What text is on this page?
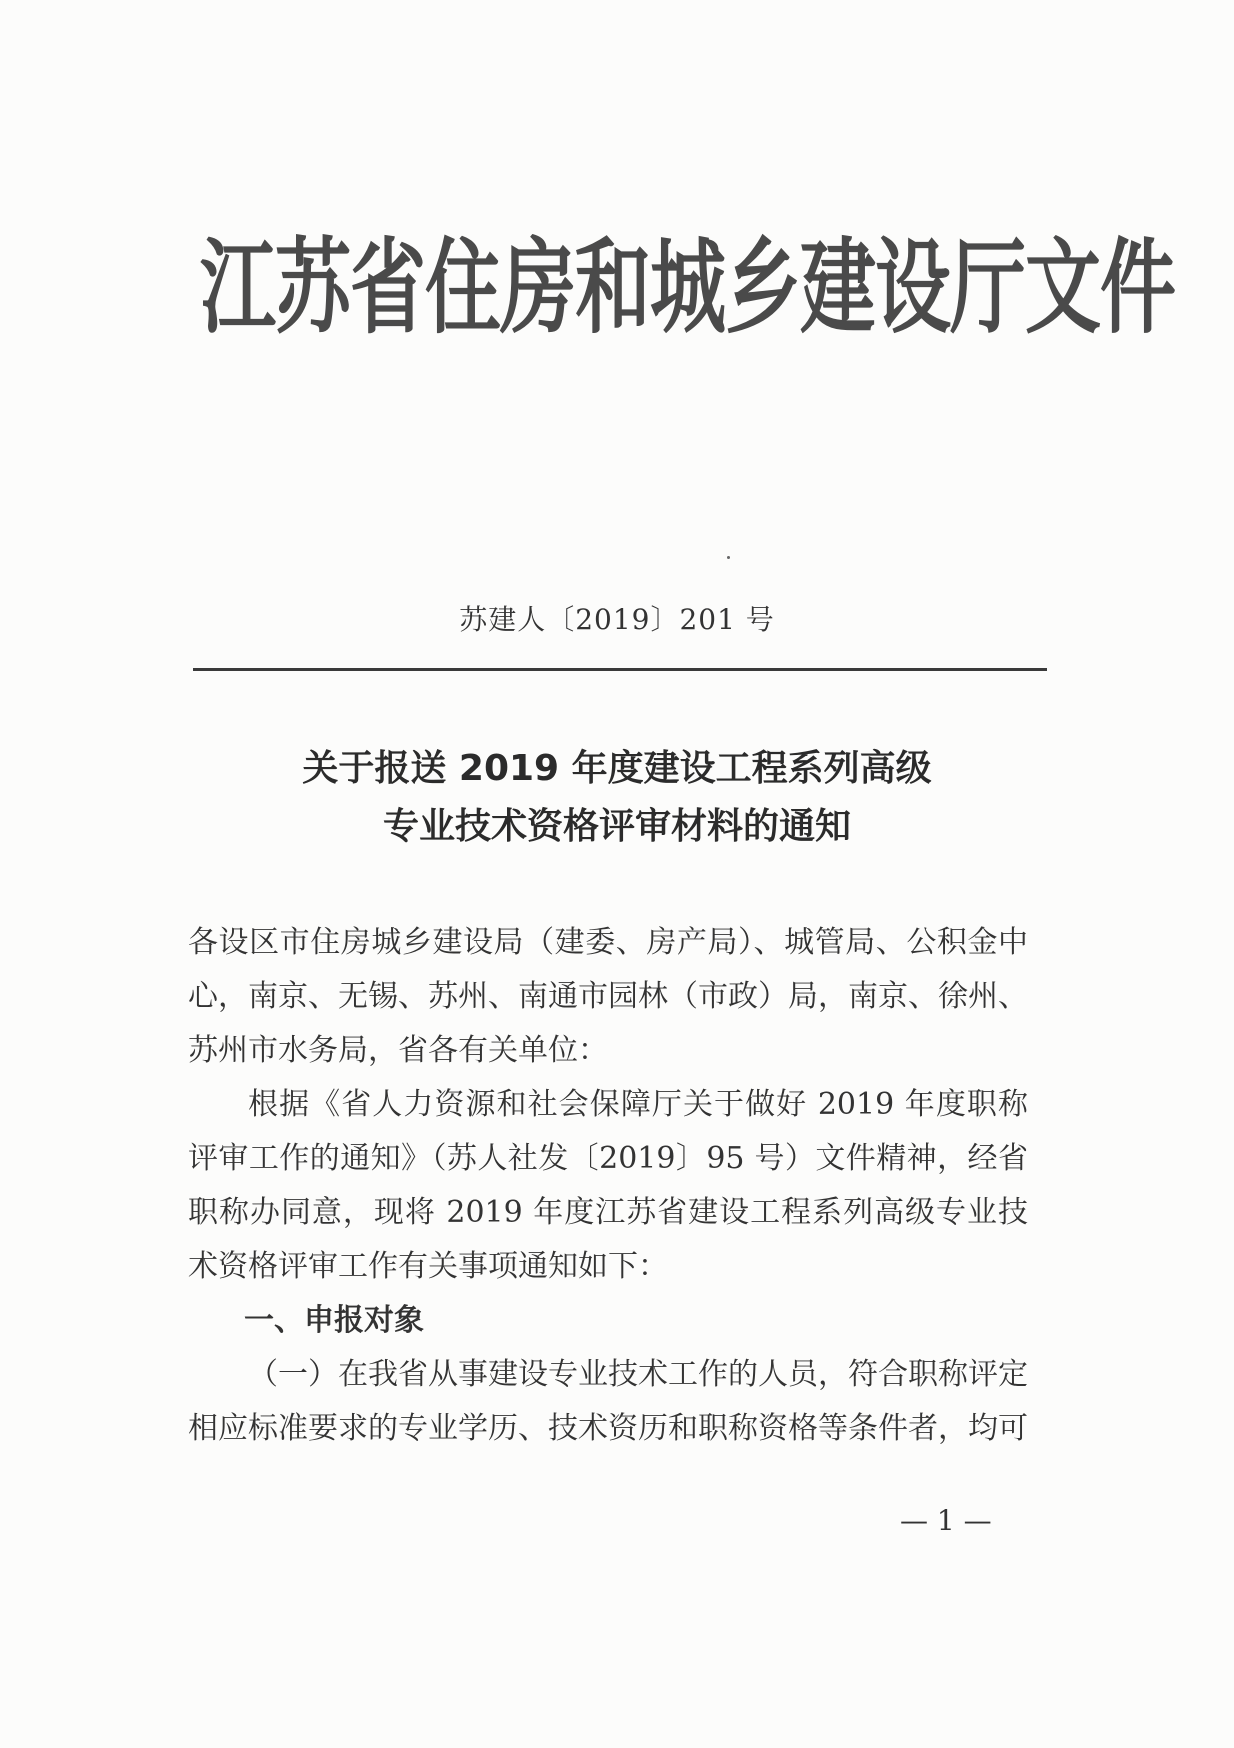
江苏省住房和城乡建设厅文件
苏建人〔2019〕201 号
关于报送 2019 年度建设工程系列高级
专业技术资格评审材料的通知

各设区市住房城乡建设局（建委、房产局）、城管局、公积金中心，南京、无锡、苏州、南通市园林（市政）局，南京、徐州、苏州市水务局，省各有关单位：

根据《省人力资源和社会保障厅关于做好 2019 年度职称评审工作的通知》（苏人社发〔2019〕95 号）文件精神，经省职称办同意，现将 2019 年度江苏省建设工程系列高级专业技术资格评审工作有关事项通知如下：

一、申报对象

（一）在我省从事建设专业技术工作的人员，符合职称评定相应标准要求的专业学历、技术资历和职称资格等条件者，均可

— 1 —
